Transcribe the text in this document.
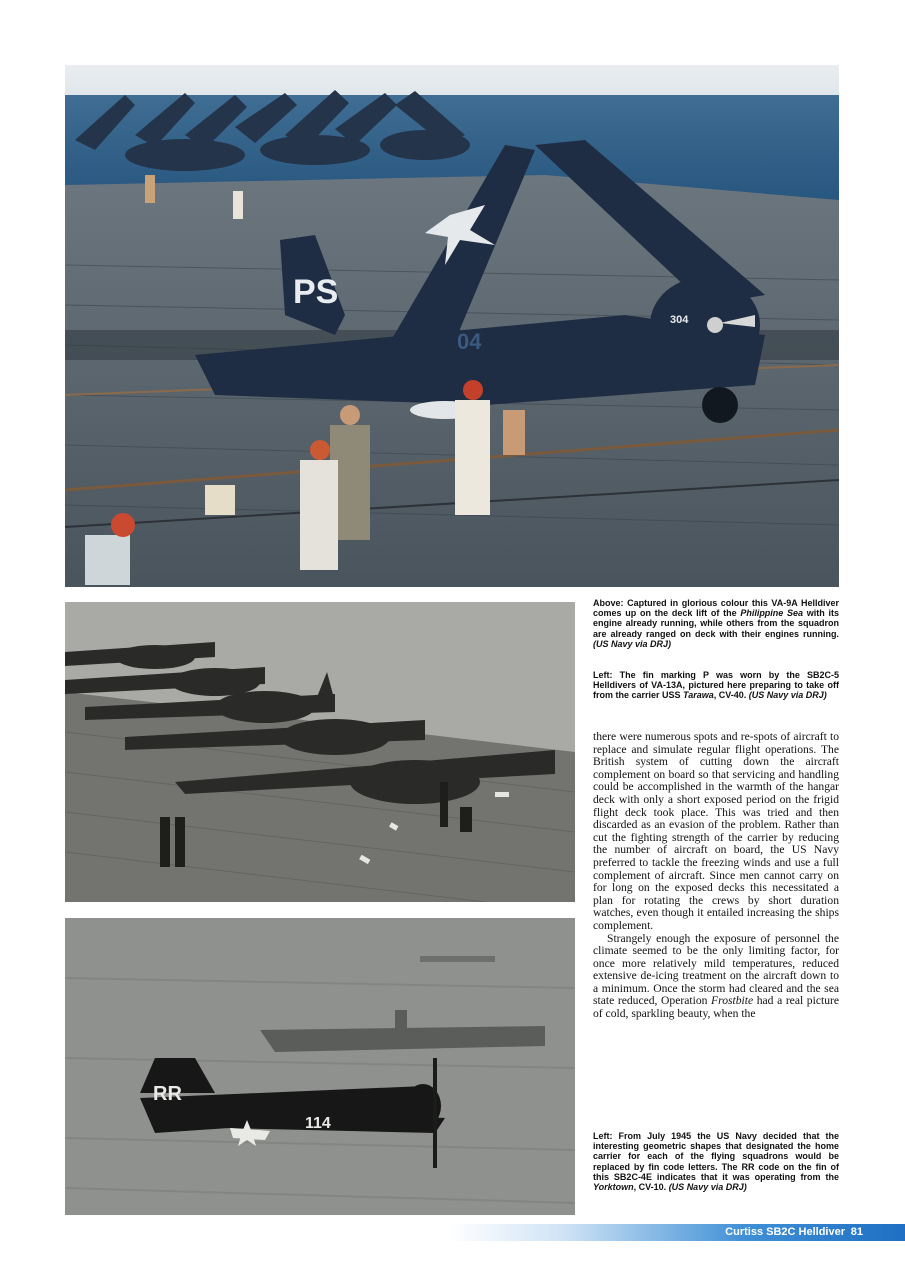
PS
304
04
RR
114

Above: Captured in glorious colour this VA-9A Helldiver comes up on the deck lift of the Philippine Sea with its engine already running, while others from the squadron are already ranged on deck with their engines running. (US Navy via DRJ)

Left: The fin marking P was worn by the SB2C-5 Helldivers of VA-13A, pictured here preparing to take off from the carrier USS Tarawa, CV-40. (US Navy via DRJ)

there were numerous spots and re-spots of aircraft to replace and simulate regular flight operations. The British system of cutting down the aircraft complement on board so that servicing and handling could be accomplished in the warmth of the hangar deck with only a short exposed period on the frigid flight deck took place. This was tried and then discarded as an evasion of the problem. Rather than cut the fighting strength of the carrier by reducing the number of aircraft on board, the US Navy preferred to tackle the freezing winds and use a full complement of aircraft. Since men cannot carry on for long on the exposed decks this necessitated a plan for rotating the crews by short duration watches, even though it entailed increasing the ships complement.

Strangely enough the exposure of personnel the climate seemed to be the only limiting factor, for once more relatively mild temperatures, reduced extensive de-icing treatment on the aircraft down to a minimum. Once the storm had cleared and the sea state reduced, Operation Frostbite had a real picture of cold, sparkling beauty, when the

Left: From July 1945 the US Navy decided that the interesting geometric shapes that designated the home carrier for each of the flying squadrons would be replaced by fin code letters. The RR code on the fin of this SB2C-4E indicates that it was operating from the Yorktown, CV-10. (US Navy via DRJ)

Curtiss SB2C Helldiver 81
